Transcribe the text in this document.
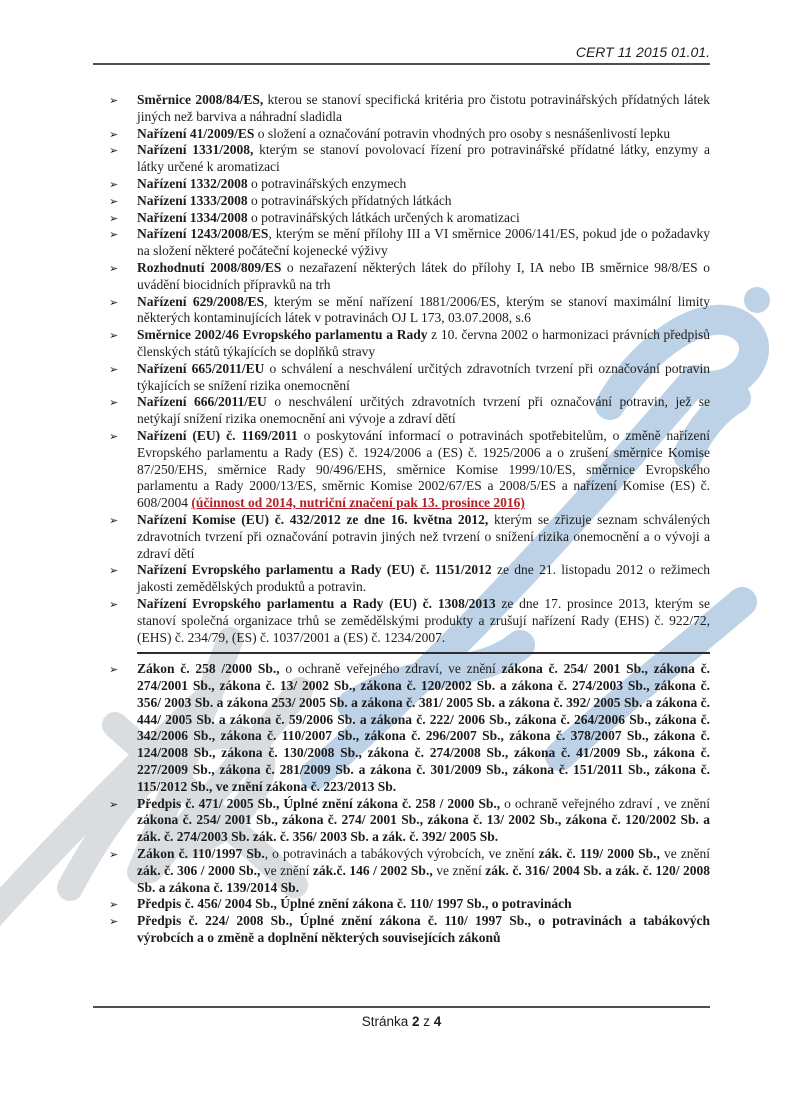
CERT 11 2015 01.01.
➢ Směrnice 2008/84/ES, kterou se stanoví specifická kritéria pro čistotu potravinářských přídatných látek jiných než barviva a náhradní sladidla
➢ Nařízení 41/2009/ES o složení a označování potravin vhodných pro osoby s nesnášenlivostí lepku
➢ Nařízení 1331/2008, kterým se stanoví povolovací řízení pro potravinářské přídatné látky, enzymy a látky určené k aromatizaci
➢ Nařízení 1332/2008 o potravinářských enzymech
➢ Nařízení 1333/2008 o potravinářských přídatných látkách
➢ Nařízení 1334/2008 o potravinářských látkách určených k aromatizaci
➢ Nařízení 1243/2008/ES, kterým se mění přílohy III a VI směrnice 2006/141/ES, pokud jde o požadavky na složení některé počáteční kojenecké výživy
➢ Rozhodnutí 2008/809/ES o nezařazení některých látek do přílohy I, IA nebo IB směrnice 98/8/ES o uvádění biocidních přípravků na trh
➢ Nařízení 629/2008/ES, kterým se mění nařízení 1881/2006/ES, kterým se stanoví maximální limity některých kontaminujících látek v potravinách OJ L 173, 03.07.2008, s.6
➢ Směrnice 2002/46 Evropského parlamentu a Rady z 10. června 2002 o harmonizaci právních předpisů členských států týkajících se doplňků stravy
➢ Nařízení 665/2011/EU o schválení a neschválení určitých zdravotních tvrzení při označování potravin týkajících se snížení rizika onemocnění
➢ Nařízení 666/2011/EU o neschválení určitých zdravotních tvrzení při označování potravin, jež se netýkají snížení rizika onemocnění ani vývoje a zdraví dětí
➢ Nařízení (EU) č. 1169/2011 o poskytování informací o potravinách spotřebitelům, o změně nařízení Evropského parlamentu a Rady (ES) č. 1924/2006 a (ES) č. 1925/2006 a o zrušení směrnice Komise 87/250/EHS, směrnice Rady 90/496/EHS, směrnice Komise 1999/10/ES, směrnice Evropského parlamentu a Rady 2000/13/ES, směrnic Komise 2002/67/ES a 2008/5/ES a nařízení Komise (ES) č. 608/2004 (účinnost od 2014, nutriční značení pak 13. prosince 2016)
➢ Nařízení Komise (EU) č. 432/2012 ze dne 16. května 2012, kterým se zřizuje seznam schválených zdravotních tvrzení při označování potravin jiných než tvrzení o snížení rizika onemocnění a o vývoji a zdraví dětí
➢ Nařízení Evropského parlamentu a Rady (EU) č. 1151/2012 ze dne 21. listopadu 2012 o režimech jakosti zemědělských produktů a potravin.
➢ Nařízení Evropského parlamentu a Rady (EU) č. 1308/2013 ze dne 17. prosince 2013, kterým se stanoví společná organizace trhů se zemědělskými produkty a zrušují nařízení Rady (EHS) č. 922/72, (EHS) č. 234/79, (ES) č. 1037/2001 a (ES) č. 1234/2007.
➢ Zákon č. 258 /2000 Sb., o ochraně veřejného zdraví, ve znění zákona č. 254/ 2001 Sb., zákona č. 274/2001 Sb., zákona č. 13/ 2002 Sb., zákona č. 120/2002 Sb. a zákona č. 274/2003 Sb., zákona č. 356/ 2003 Sb. a zákona 253/ 2005 Sb. a zákona č. 381/ 2005 Sb. a zákona č. 392/ 2005 Sb. a zákona č. 444/ 2005 Sb. a zákona č. 59/2006 Sb. a zákona č. 222/ 2006 Sb., zákona č. 264/2006 Sb., zákona č. 342/2006 Sb., zákona č. 110/2007 Sb., zákona č. 296/2007 Sb., zákona č. 378/2007 Sb., zákona č. 124/2008 Sb., zákona č. 130/2008 Sb., zákona č. 274/2008 Sb., zákona č. 41/2009 Sb., zákona č. 227/2009 Sb., zákona č. 281/2009 Sb. a zákona č. 301/2009 Sb., zákona č. 151/2011 Sb., zákona č. 115/2012 Sb., ve znění zákona č. 223/2013 Sb.
➢ Předpis č. 471/ 2005 Sb., Úplné znění zákona č. 258 / 2000 Sb., o ochraně veřejného zdraví , ve znění zákona č. 254/ 2001 Sb., zákona č. 274/ 2001 Sb., zákona č. 13/ 2002 Sb., zákona č. 120/2002 Sb. a zák. č. 274/2003 Sb. zák. č. 356/ 2003 Sb. a zák. č. 392/ 2005 Sb.
➢ Zákon č. 110/1997 Sb., o potravinách a tabákových výrobcích, ve znění zák. č. 119/ 2000 Sb., ve znění zák. č. 306 / 2000 Sb., ve znění zák.č. 146 / 2002 Sb., ve znění zák. č. 316/ 2004 Sb. a zák. č. 120/ 2008 Sb. a zákona č. 139/2014 Sb.
➢ Předpis č. 456/ 2004 Sb., Úplné znění zákona č. 110/ 1997 Sb., o potravinách
➢ Předpis č. 224/ 2008 Sb., Úplné znění zákona č. 110/ 1997 Sb., o potravinách a tabákových výrobcích a o změně a doplnění některých souvisejících zákonů
Stránka 2 z 4
